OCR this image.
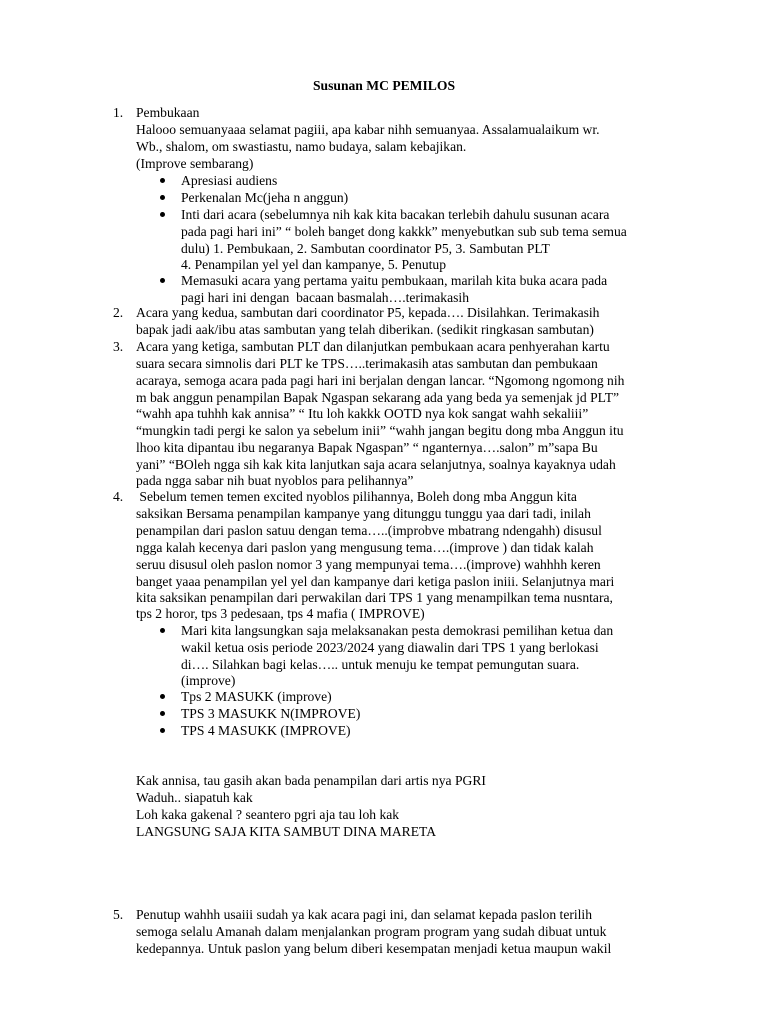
Susunan MC PEMILOS
1. Pembukaan
Halooo semuanyaaa selamat pagiii, apa kabar nihh semuanyaa. Assalamualaikum wr.
Wb., shalom, om swastiastu, namo budaya, salam kebajikan.
(Improve sembarang)
Apresiasi audiens
Perkenalan Mc(jeha n anggun)
Inti dari acara (sebelumnya nih kak kita bacakan terlebih dahulu susunan acara
pada pagi hari ini” “ boleh banget dong kakkk” menyebutkan sub sub tema semua
dulu) 1. Pembukaan, 2. Sambutan coordinator P5, 3. Sambutan PLT
4. Penampilan yel yel dan kampanye, 5. Penutup
Memasuki acara yang pertama yaitu pembukaan, marilah kita buka acara pada
pagi hari ini dengan  bacaan basmalah….terimakasih
2. Acara yang kedua, sambutan dari coordinator P5, kepada…. Disilahkan. Terimakasih
bapak jadi aak/ibu atas sambutan yang telah diberikan. (sedikit ringkasan sambutan)
3. Acara yang ketiga, sambutan PLT dan dilanjutkan pembukaan acara penhyerahan kartu
suara secara simnolis dari PLT ke TPS…..terimakasih atas sambutan dan pembukaan
acaraya, semoga acara pada pagi hari ini berjalan dengan lancar. “Ngomong ngomong nih
m bak anggun penampilan Bapak Ngaspan sekarang ada yang beda ya semenjak jd PLT”
“wahh apa tuhhh kak annisa” “ Itu loh kakkk OOTD nya kok sangat wahh sekaliii”
“mungkin tadi pergi ke salon ya sebelum inii” “wahh jangan begitu dong mba Anggun itu
lhoo kita dipantau ibu negaranya Bapak Ngaspan” “ nganternya….salon” m”sapa Bu
yani” “BOleh ngga sih kak kita lanjutkan saja acara selanjutnya, soalnya kayaknya udah
pada ngga sabar nih buat nyoblos para pelihannya”
4. Sebelum temen temen excited nyoblos pilihannya, Boleh dong mba Anggun kita
saksikan Bersama penampilan kampanye yang ditunggu tunggu yaa dari tadi, inilah
penampilan dari paslon satuu dengan tema…..(improbve mbatrang ndengahh) disusul
ngga kalah kecenya dari paslon yang mengusung tema….(improve ) dan tidak kalah
seruu disusul oleh paslon nomor 3 yang mempunyai tema….(improve) wahhhh keren
banget yaaa penampilan yel yel dan kampanye dari ketiga paslon iniii. Selanjutnya mari
kita saksikan penampilan dari perwakilan dari TPS 1 yang menampilkan tema nusntara,
tps 2 horor, tps 3 pedesaan, tps 4 mafia ( IMPROVE)
Mari kita langsungkan saja melaksanakan pesta demokrasi pemilihan ketua dan
wakil ketua osis periode 2023/2024 yang diawalin dari TPS 1 yang berlokasi
di…. Silahkan bagi kelas….. untuk menuju ke tempat pemungutan suara.
(improve)
Tps 2 MASUKK (improve)
TPS 3 MASUKK N(IMPROVE)
TPS 4 MASUKK (IMPROVE)
Kak annisa, tau gasih akan bada penampilan dari artis nya PGRI
Waduh.. siapatuh kak
Loh kaka gakenal ? seantero pgri aja tau loh kak
LANGSUNG SAJA KITA SAMBUT DINA MARETA
5. Penutup wahhh usaiii sudah ya kak acara pagi ini, dan selamat kepada paslon terilih
semoga selalu Amanah dalam menjalankan program program yang sudah dibuat untuk
kedepannya. Untuk paslon yang belum diberi kesempatan menjadi ketua maupun wakil
